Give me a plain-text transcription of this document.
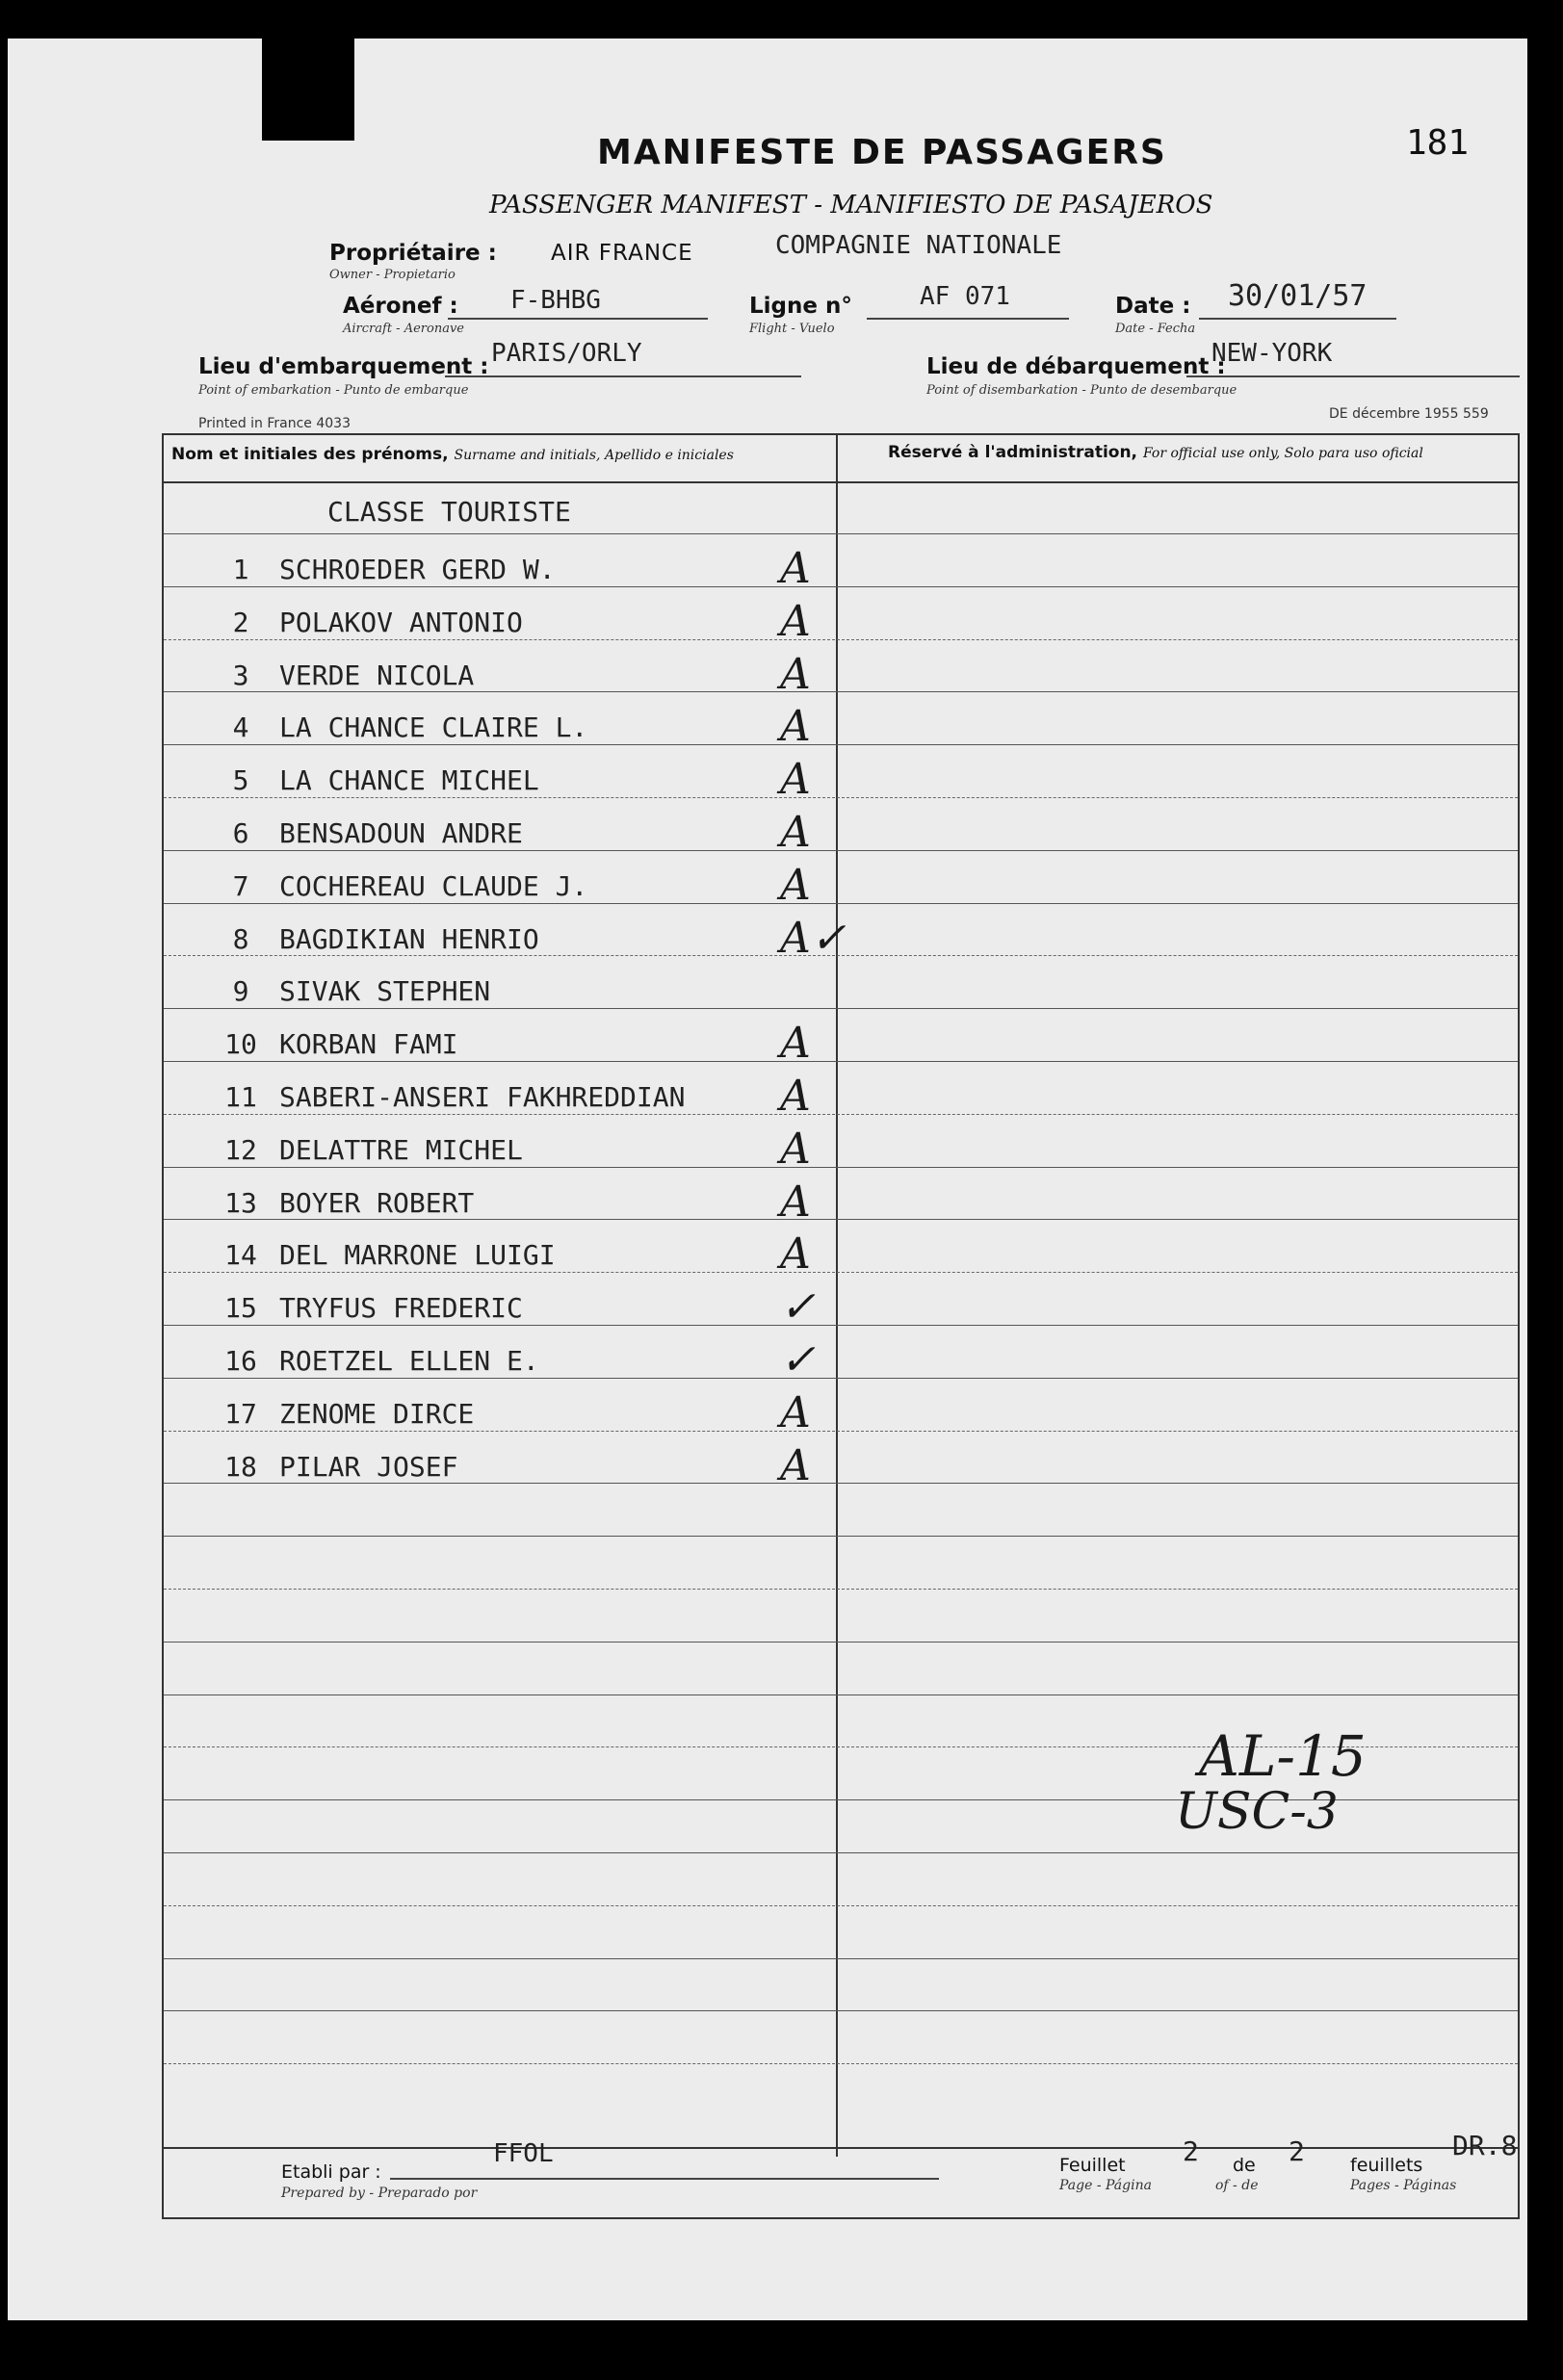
181
MANIFESTE DE PASSAGERS
PASSENGER MANIFEST - MANIFIESTO DE PASAJEROS
Propriétaire : AIR FRANCE
Owner - Propietario
COMPAGNIE NATIONALE
Aéronef :
Aircraft - Aeronave
F-BHBG	Ligne n°
Flight - Vuelo
AF 071	Date :
Date - Fecha
30/01/57
Lieu d'embarquement :
Point of embarkation - Punto de embarque
PARIS/ORLY	Lieu de débarquement :
Point of disembarkation - Punto de desembarque
NEW-YORK
Printed in France 4033
DE décembre 1955 559
Nom et initiales des prénoms, Surname and initials, Apellido e iniciales	Réservé à l'administration, For official use only, Solo para uso oficial
CLASSE TOURISTE
1	SCHROEDER GERD W.	A
2	POLAKOV ANTONIO	A
3	VERDE NICOLA	A
4	LA CHANCE CLAIRE L.	A
5	LA CHANCE MICHEL	A
6	BENSADOUN ANDRE	A
7	COCHEREAU CLAUDE J.	A
8	BAGDIKIAN HENRIO	A✓
9	SIVAK STEPHEN
10 KORBAN FAMI	A
11 SABERI-ANSERI FAKHREDDIAN A
12 DELATTRE MICHEL	A
13 BOYER ROBERT	A
14 DEL MARRONE LUIGI	A
15 TRYFUS FREDERIC	✓
16 ROETZEL ELLEN E.	✓
17 ZENOME DIRCE	A
18 PILAR JOSEF	A
AL-15
USC-3
Etabli par :
Prepared by - Preparado por
FFOL	Feuillet
Page - Página
2 de
of - de
2 feuillets
Pages - Páginas
DR.8
